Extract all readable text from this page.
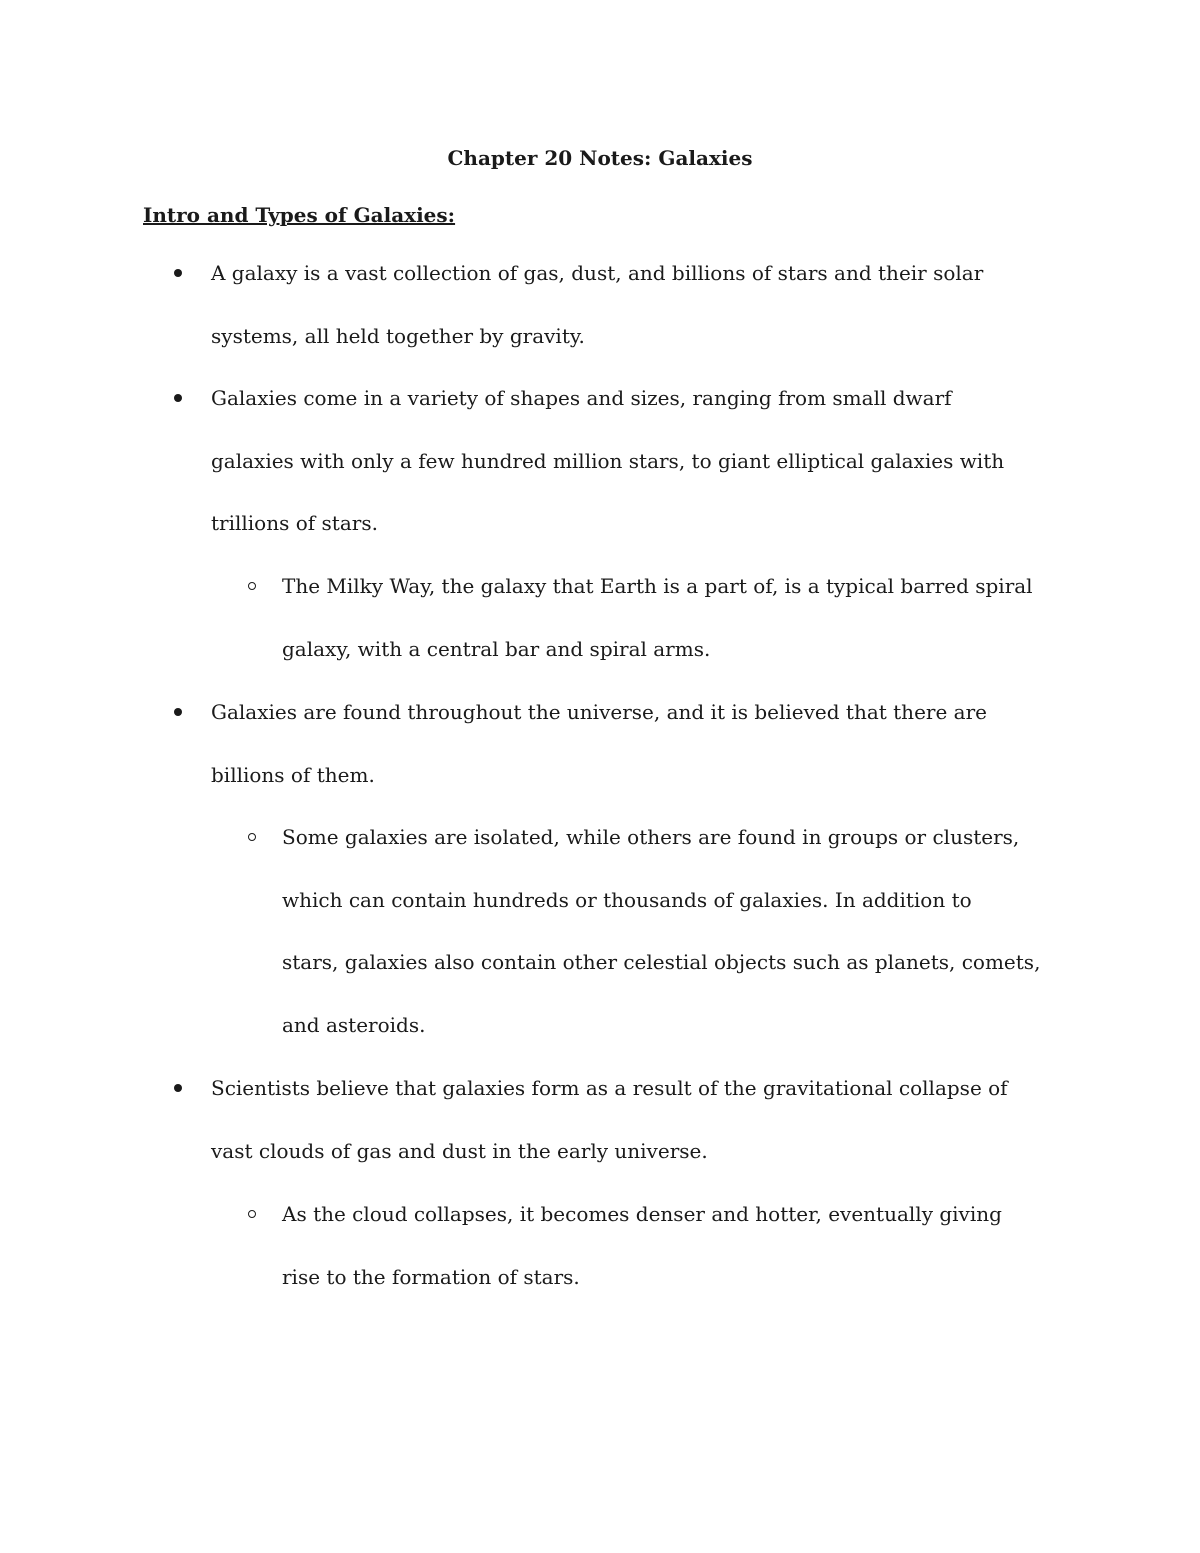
Chapter 20 Notes: Galaxies
Intro and Types of Galaxies:
A galaxy is a vast collection of gas, dust, and billions of stars and their solar
systems, all held together by gravity.
Galaxies come in a variety of shapes and sizes, ranging from small dwarf
galaxies with only a few hundred million stars, to giant elliptical galaxies with
trillions of stars.
The Milky Way, the galaxy that Earth is a part of, is a typical barred spiral
galaxy, with a central bar and spiral arms.
Galaxies are found throughout the universe, and it is believed that there are
billions of them.
Some galaxies are isolated, while others are found in groups or clusters,
which can contain hundreds or thousands of galaxies. In addition to
stars, galaxies also contain other celestial objects such as planets, comets,
and asteroids.
Scientists believe that galaxies form as a result of the gravitational collapse of
vast clouds of gas and dust in the early universe.
As the cloud collapses, it becomes denser and hotter, eventually giving
rise to the formation of stars.
